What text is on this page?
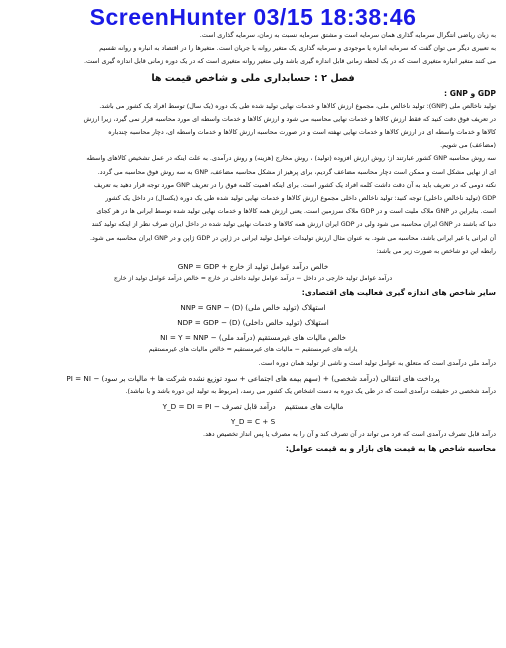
ScreenHunter 03/15 18:38:46

به زبان ریاضی انتگرال سرمایه گذاری همان سرمایه است و مشتق سرمایه نسبت به زمان، سرمایه گذاری است.

به تعبیری دیگر می توان گفت که سرمایه انباره یا موجودی و سرمایه گذاری یک متغیر روانه یا جریان است. متغیرها را در اقتصاد به انباره و روانه تقسیم

می کنند متغیر انباره متغیری است که در یک لحظه زمانی قابل اندازه گیری باشد ولی متغیر روانه متغیری است که در یک دوره زمانی قابل اندازه گیری است.

فصل ۲ : حسابداری ملی و شاخص قیمت ها
GDP و GNP :

تولید ناخالص ملی (GNP): تولید ناخالص ملی، مجموع ارزش کالاها و خدمات نهایی تولید شده طی یک دوره (یک سال) توسط افراد یک کشور می باشد.

در تعریف فوق دقت کنید که فقط ارزش کالاها و خدمات نهایی محاسبه می شود و ارزش کالاها و خدمات واسطه ای مورد محاسبه قرار نمی گیرد، زیرا ارزش

کالاها و خدمات واسطه ای در ارزش کالاها و خدمات نهایی نهفته است و در صورت محاسبه ارزش کالاها و خدمات واسطه ای، دچار محاسبه چندباره

(مضاعف) می شویم.

سه روش محاسبه GNP کشور عبارتند از: روش ارزش افزوده (تولید) ، روش مخارج (هزینه) و روش درآمدی. به علت اینکه در عمل تشخیص کالاهای واسطه

ای از نهایی مشکل است و ممکن است دچار محاسبه مضاعف گردیم، برای پرهیز از مشکل محاسبه مضاعف، GNP به سه روش فوق محاسبه می گردد.

نکته دومی که در تعریف باید به آن دقت داشت کلمه افراد یک کشور است. برای اینکه اهمیت کلمه فوق را در تعریف GNP مورد توجه قرار دهید به تعریف

GDP (تولید ناخالص داخلی) توجه کنید: تولید ناخالص داخلی مجموع ارزش کالاها و خدمات نهایی تولید شده طی یک دوره (یکسال) در داخل یک کشور

است. بنابراین در GNP ملاک ملیت است و در GDP ملاک سرزمین است. یعنی ارزش همه کالاها و خدمات نهایی تولید شده توسط ایرانی ها در هر کجای

دنیا که باشند در GNP ایران محاسبه می شود ولی در GDP ایران ارزش همه کالاها و خدمات نهایی تولید شده در داخل ایران صرف نظر از اینکه تولید کنند

آن ایرانی یا غیر ایرانی باشد، محاسبه می شود. به عنوان مثال ارزش تولیدات عوامل تولید ایرانی در ژاپن در GDP ژاپن و در GNP ایران محاسبه می شود.

رابطه این دو شاخص به صورت زیر می باشد:

GNP = GDP + خالص درآمد عوامل تولید از خارج

درآمد عوامل تولید خارجی در داخل − درآمد عوامل تولید داخلی در خارج = خالص درآمد عوامل تولید از خارج

سایر شاخص های اندازه گیری فعالیت های اقتصادی:
NNP = GNP − (D) استهلاک (تولید خالص ملی)
NDP = GDP − (D) استهلاک (تولید خالص داخلی)
NI = Y = NNP − خالص مالیات های غیرمستقیم (درآمد ملی)

یارانه های غیرمستقیم − مالیات های غیرمستقیم = خالص مالیات های غیرمستقیم

درآمد ملی درآمدی است که متعلق به عوامل تولید است و ناشی از تولید همان دوره است.

PI = NI − (سهم بیمه های اجتماعی + سود توزیع نشده شرکت ها + مالیات بر سود) + پرداخت های انتقالی (درآمد شخصی)

درآمد شخصی در حقیقت درآمدی است که در طی یک دوره به دست اشخاص یک کشور می رسد، (مربوط به تولید این دوره باشد و یا نباشد).

Y_D = DI = PI − مالیات های مستقیم    درآمد قابل تصرف
Y_D = C + S

درآمد قابل تصرف درآمدی است که فرد می تواند در آن تصرف کند و آن را به مصرف یا پس انداز تخصیص دهد.

محاسبه شاخص ها به قیمت های بازار و به قیمت عوامل:
